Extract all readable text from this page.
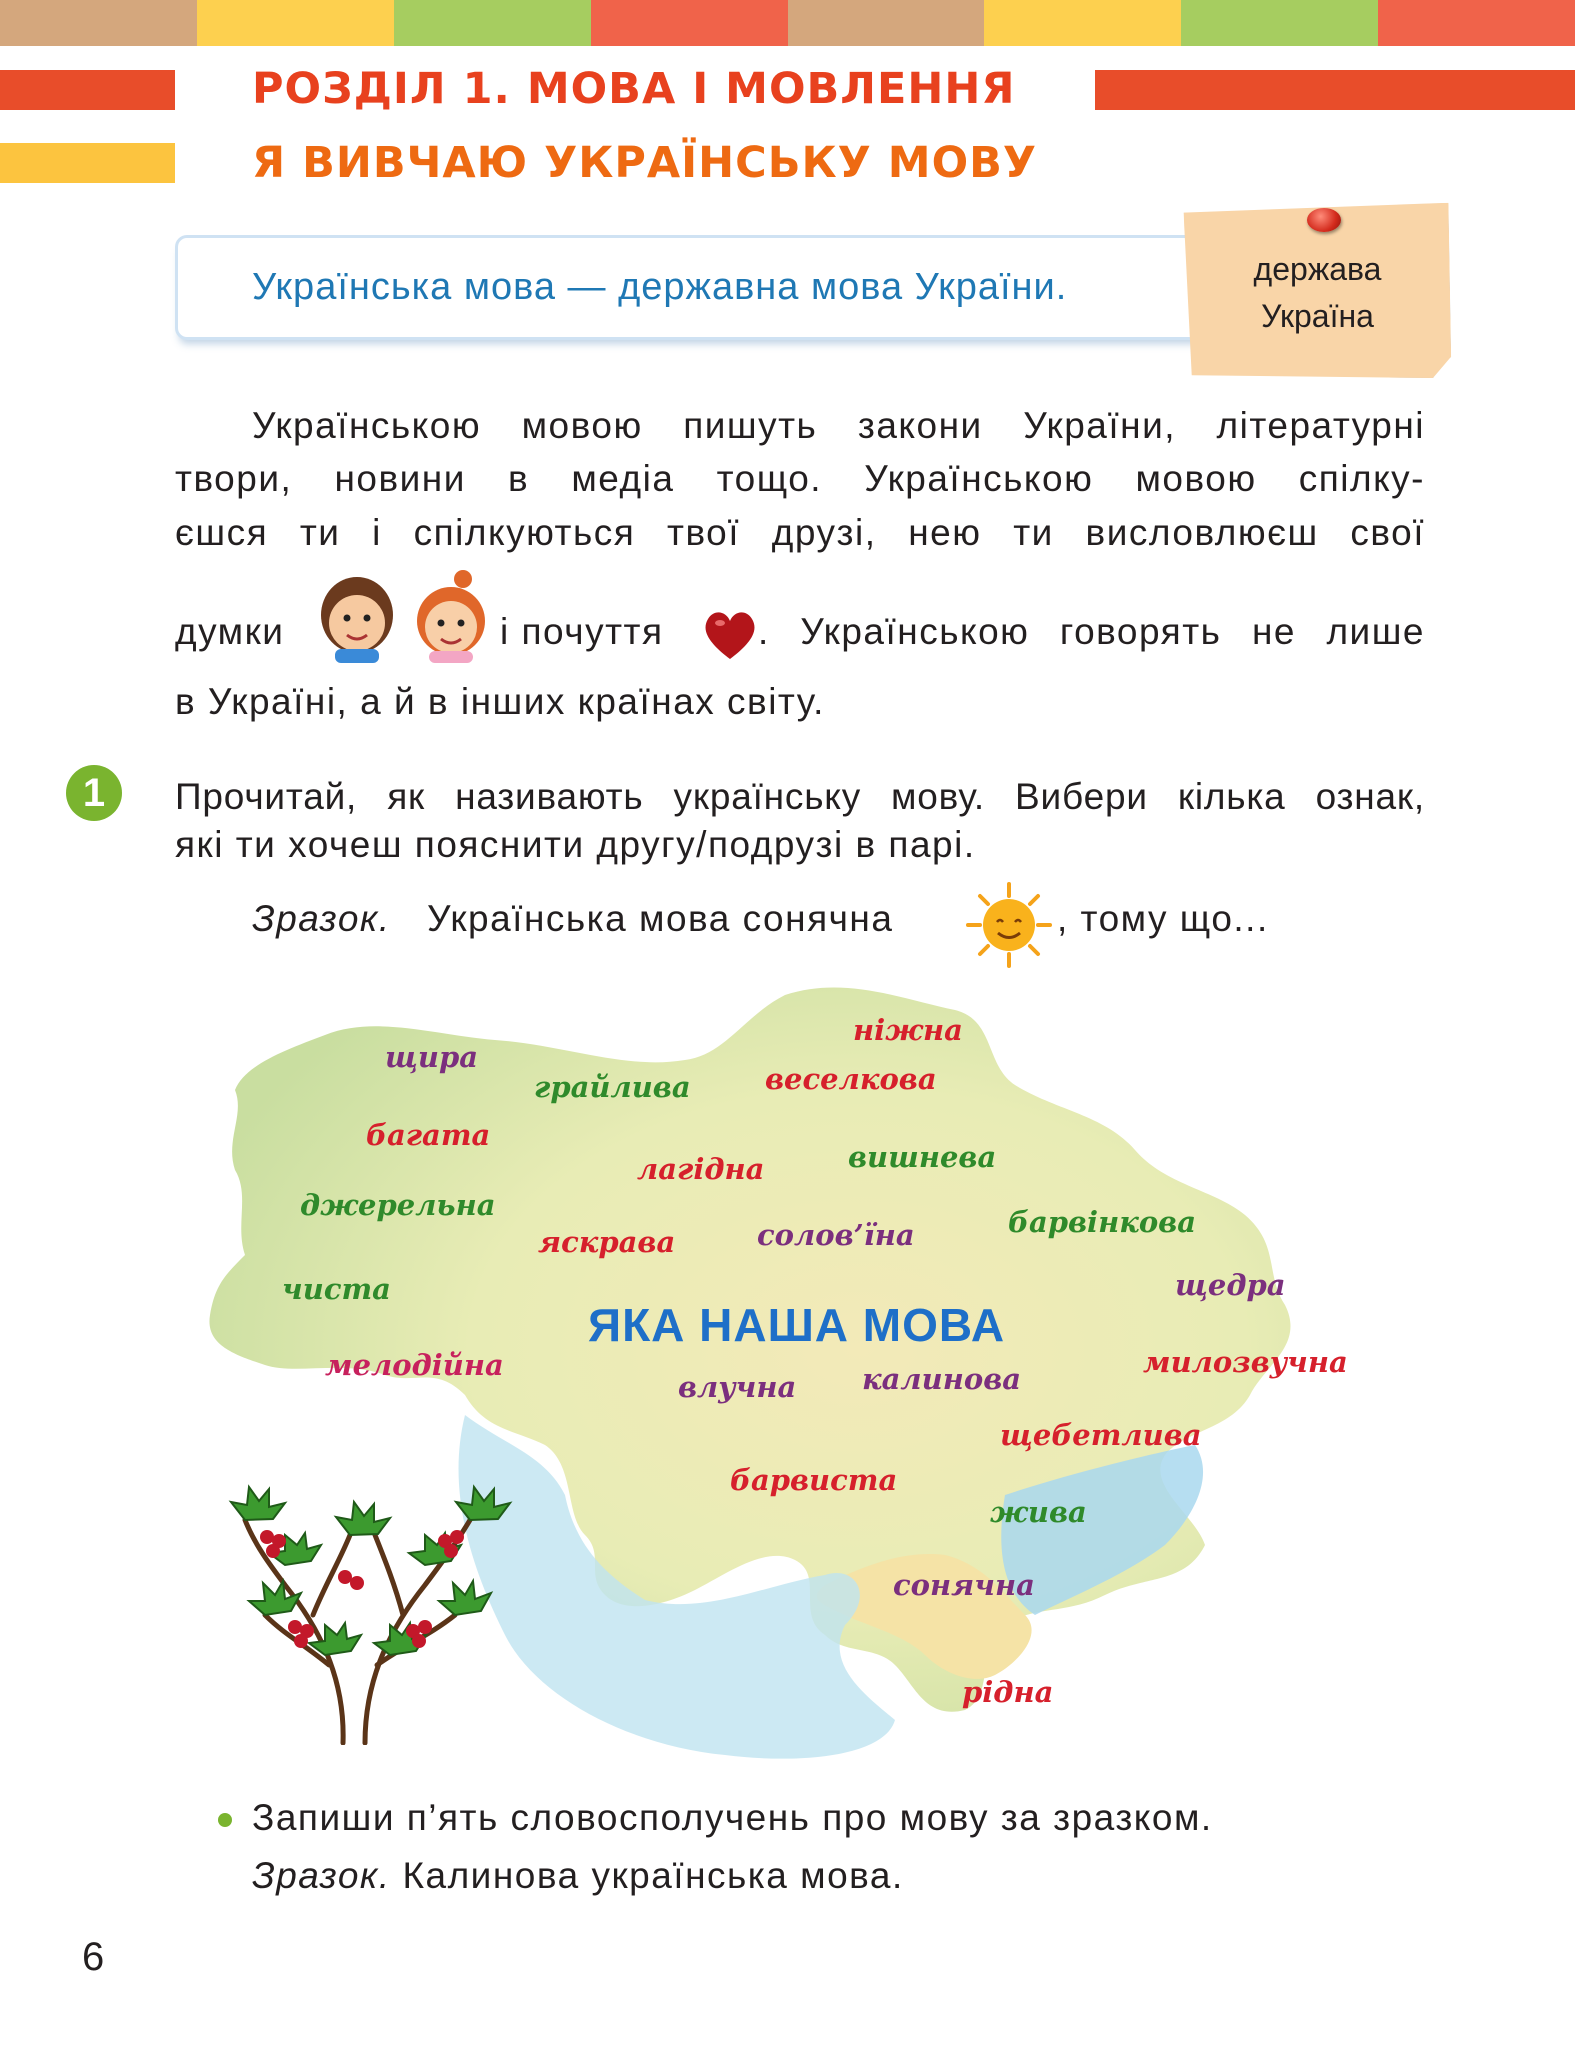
РОЗДІЛ 1. МОВА І МОВЛЕННЯ
Я ВИВЧАЮ УКРАЇНСЬКУ МОВУ
Українська мова — державна мова України.	держава
Україна
Українською мовою пишуть закони України, літературні
твори, новини в медіа тощо. Українською мовою спілку-
єшся ти і спілкуються твої друзі, нею ти висловлюєш свої
думки	і почуття	. Українською говорять не лише
в Україні, а й в інших країнах світу.
1	Прочитай, як називають українську мову. Вибери кілька ознак,
які ти хочеш пояснити другу/подрузі в парі.
Зразок. Українська мова сонячна	, тому що...
ЯКА НАША МОВА
ніжна
щира
грайлива	веселкова
багата
лагідна	вишнева
джерельна
яскрава	солов’їна	барвінкова
чиста	щедра
мелодійна
влучна калинова	милозвучна
щебетлива
барвиста
жива
сонячна
рідна
Запиши п’ять словосполучень про мову за зразком.
Зразок. Калинова українська мова.
6
